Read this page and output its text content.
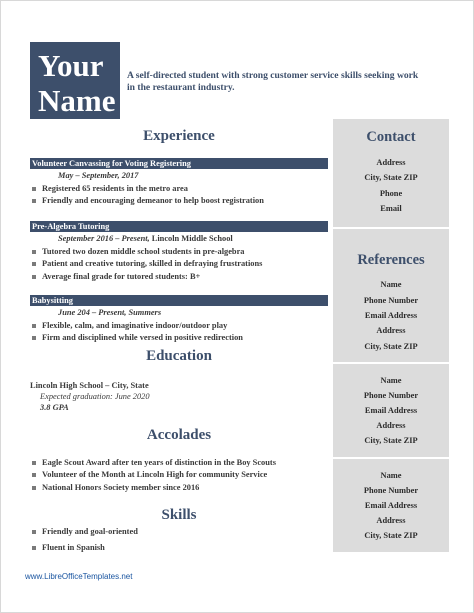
Your
Name
A self-directed student with strong customer service skills seeking work in the restaurant industry.
Experience
Volunteer Canvassing for Voting Registering
May – September, 2017
Registered 65 residents in the metro area
Friendly and encouraging demeanor to help boost registration
Pre-Algebra Tutoring
September 2016 – Present, Lincoln Middle School
Tutored two dozen middle school students in pre-algebra
Patient and creative tutoring, skilled in defraying frustrations
Average final grade for tutored students: B+
Babysitting
June 204 – Present, Summers
Flexible, calm, and imaginative indoor/outdoor play
Firm and disciplined while versed in positive redirection
Education
Lincoln High School – City, State
Expected graduation: June 2020
3.8 GPA
Accolades
Eagle Scout Award after ten years of distinction in the Boy Scouts
Volunteer of the Month at Lincoln High for community Service
National Honors Society member since 2016
Skills
Friendly and goal-oriented
Fluent in Spanish
Contact
Address
City, State ZIP
Phone
Email
References
Name
Phone Number
Email Address
Address
City, State ZIP
Name
Phone Number
Email Address
Address
City, State ZIP
Name
Phone Number
Email Address
Address
City, State ZIP
www.LibreOfficeTemplates.net
